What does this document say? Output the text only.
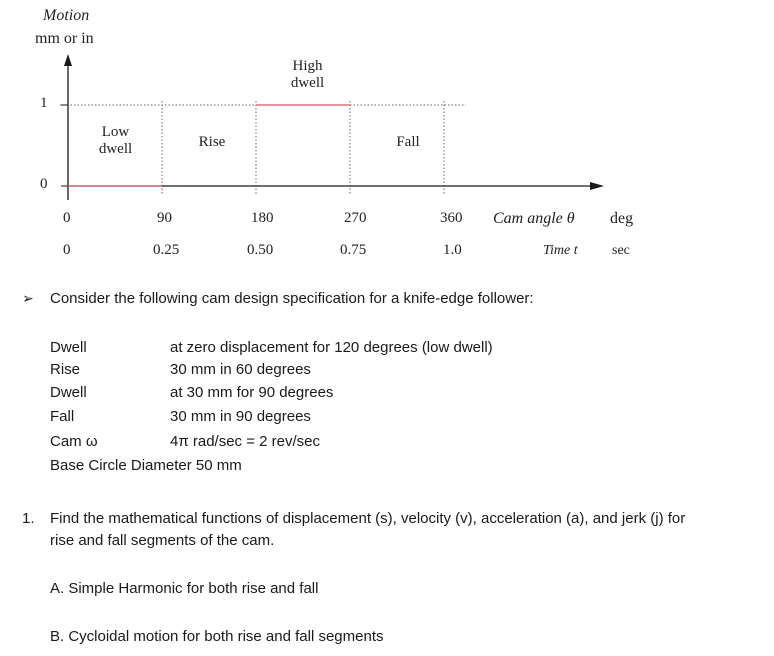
Motion
mm or in
1
0
Low
dwell	Rise
High
dwell
Fall
0	90	180	270	360 Cam angle θ deg
0	0.25	0.50	0.75	1.0	Time t sec
➢ Consider the following cam design specification for a knife-edge follower:
Dwell	at zero displacement for 120 degrees (low dwell)
Rise	30 mm in 60 degrees
Dwell	at 30 mm for 90 degrees
Fall	30 mm in 90 degrees
Cam ω	4π rad/sec = 2 rev/sec
Base Circle Diameter 50 mm
1. Find the mathematical functions of displacement (s), velocity (v), acceleration (a), and jerk (j) for
rise and fall segments of the cam.
A. Simple Harmonic for both rise and fall
B. Cycloidal motion for both rise and fall segments
